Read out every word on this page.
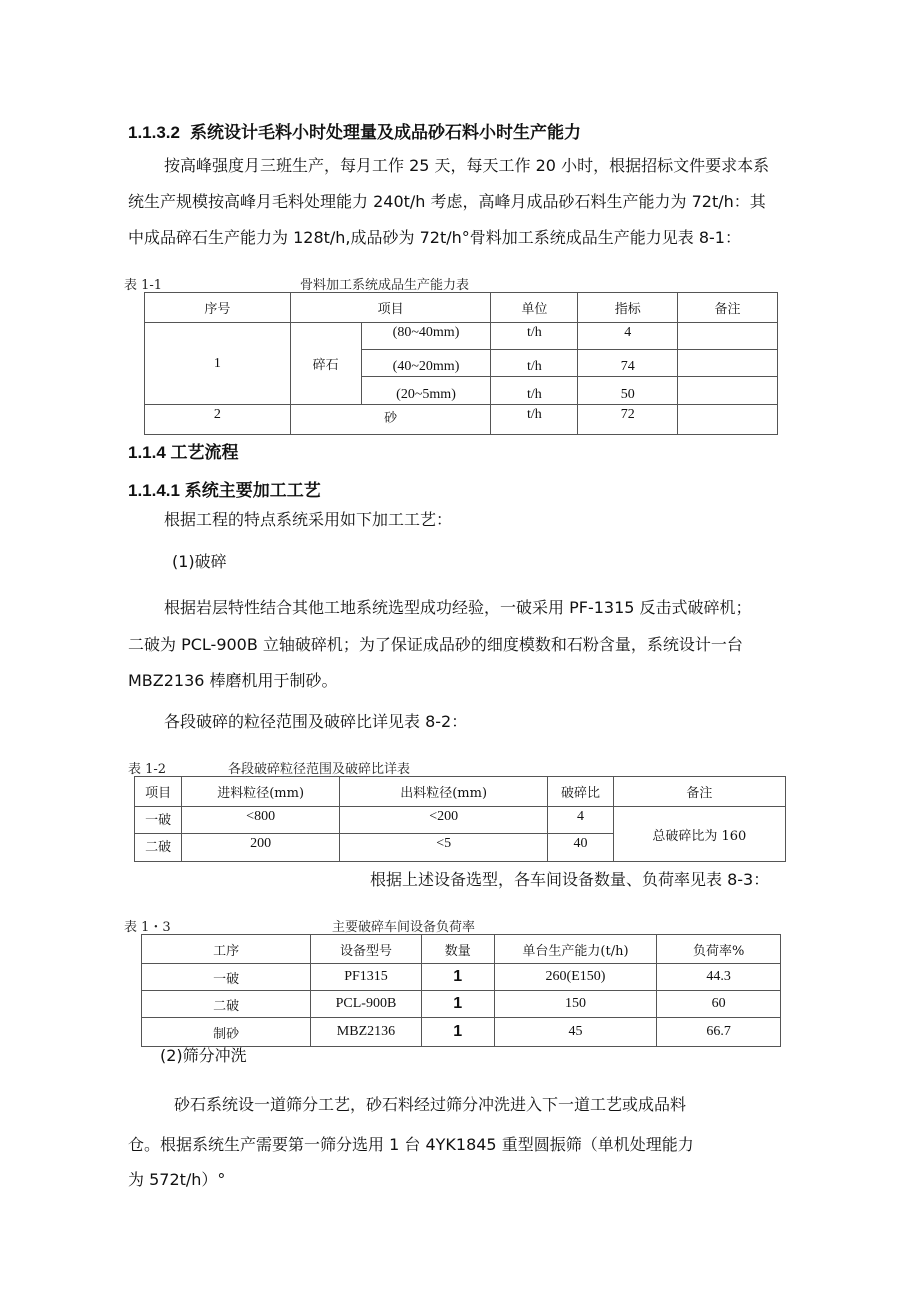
1.1.3.2 系统设计毛料小时处理量及成品砂石料小时生产能力
按高峰强度月三班生产，每月工作 25 天，每天工作 20 小时，根据招标文件要求本系
统生产规模按高峰月毛料处理能力 240t/h 考虑，高峰月成品砂石料生产能力为 72t/h：其
中成品碎石生产能力为 128t/h,成品砂为 72t/h°骨料加工系统成品生产能力见表 8-1：
表 1-1	骨料加工系统成品生产能力表
序号	项目		单位	指标	备注
1	碎石	(80~40mm)	t/h	4	
		(40~20mm)	t/h	74	
		(20~5mm)	t/h	50	
2	砂		t/h	72	
1.1.4 工艺流程
1.1.4.1 系统主要加工工艺
根据工程的特点系统采用如下加工工艺：
(1)破碎
根据岩层特性结合其他工地系统选型成功经验，一破采用 PF-1315 反击式破碎机；
二破为 PCL-900B 立轴破碎机；为了保证成品砂的细度模数和石粉含量，系统设计一台
MBZ2136 棒磨机用于制砂。
各段破碎的粒径范围及破碎比详见表 8-2：
表 1-2	各段破碎粒径范围及破碎比详表
项目	进料粒径(mm)	出料粒径(mm)	破碎比	备注
一破	<800	<200	4	总破碎比为 160
二破	200	<5	40	
根据上述设备选型，各车间设备数量、负荷率见表 8-3：
表 1・3	主要破碎车间设备负荷率
工序	设备型号	数量	单台生产能力(t/h)	负荷率%
一破	PF1315	1	260(E150)	44.3
二破	PCL-900B	1	150	60
制砂	MBZ2136	1	45	66.7
(2)筛分冲洗
砂石系统设一道筛分工艺，砂石料经过筛分冲洗进入下一道工艺或成品料
仓。根据系统生产需要第一筛分选用 1 台 4YK1845 重型圆振筛（单机处理能力
为 572t/h）°
